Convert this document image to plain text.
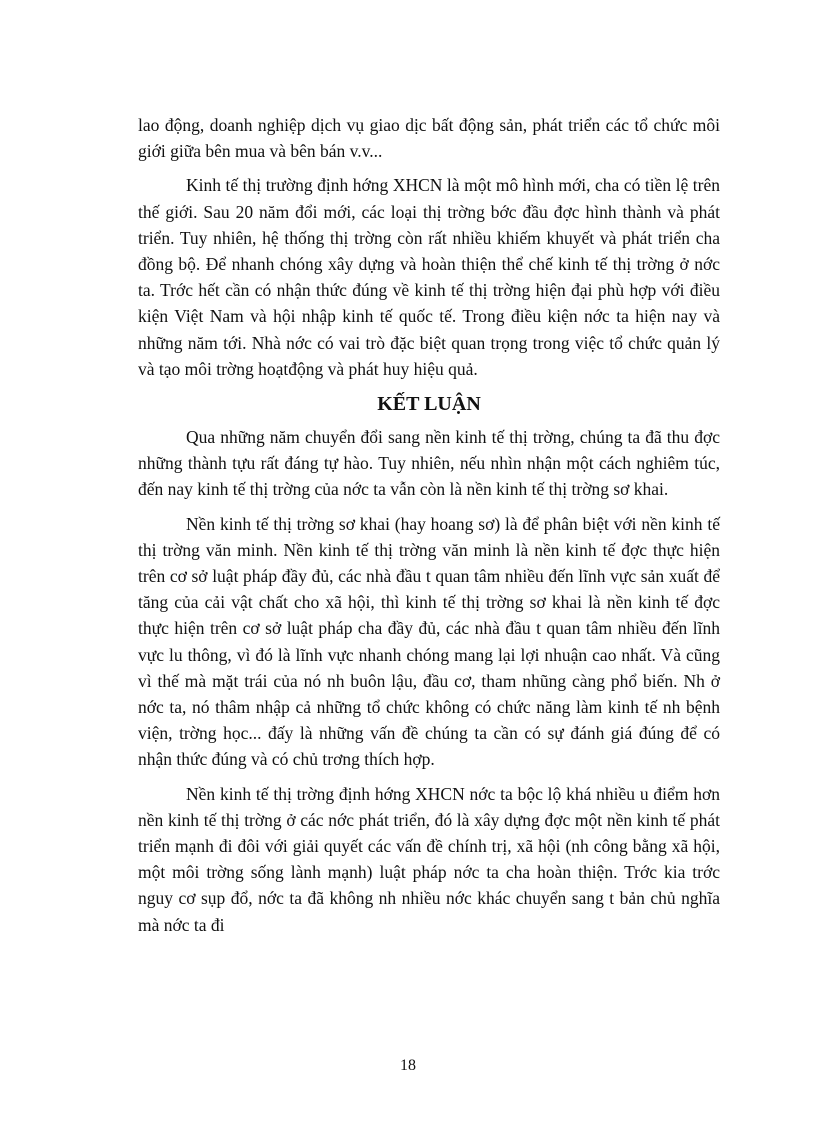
lao động, doanh nghiệp dịch vụ giao dịc bất động sản, phát triển các tổ chức môi giới giữa bên mua và bên bán v.v...

Kinh tế thị trường định hớng XHCN là một mô hình mới, cha có tiền lệ trên thế giới. Sau 20 năm đổi mới, các loại thị trờng bớc đầu đợc hình thành và phát triển. Tuy nhiên, hệ thống thị trờng còn rất nhiều khiếm khuyết và phát triển cha đồng bộ. Để nhanh chóng xây dựng và hoàn thiện thể chế kinh tế thị trờng ở nớc ta. Trớc hết cần có nhận thức đúng về kinh tế thị trờng hiện đại phù hợp với điều kiện Việt Nam và hội nhập kinh tế quốc tế. Trong điều kiện nớc ta hiện nay và những năm tới. Nhà nớc có vai trò đặc biệt quan trọng trong việc tổ chức quản lý và tạo môi trờng hoạtđộng và phát huy hiệu quả.

KẾT LUẬN

Qua những năm chuyển đổi sang nền kinh tế thị trờng, chúng ta đã thu đợc những thành tựu rất đáng tự hào. Tuy nhiên, nếu nhìn nhận một cách nghiêm túc, đến nay kinh tế thị trờng của nớc ta vẫn còn là nền kinh tế thị trờng sơ khai.

Nền kinh tế thị trờng sơ khai (hay hoang sơ) là để phân biệt với nền kinh tế thị trờng văn minh. Nền kinh tế thị trờng văn minh là nền kinh tế đợc thực hiện trên cơ sở luật pháp đầy đủ, các nhà đầu t quan tâm nhiều đến lĩnh vực sản xuất để tăng của cải vật chất cho xã hội, thì kinh tế thị trờng sơ khai là nền kinh tế đợc thực hiện trên cơ sở luật pháp cha đầy đủ, các nhà đầu t quan tâm nhiều đến lĩnh vực lu thông, vì đó là lĩnh vực nhanh chóng mang lại lợi nhuận cao nhất. Và cũng vì thế mà mặt trái của nó nh buôn lậu, đầu cơ, tham nhũng càng phổ biến. Nh ở nớc ta, nó thâm nhập cả những tổ chức không có chức năng làm kinh tế nh bệnh viện, trờng học... đấy là những vấn đề chúng ta cần có sự đánh giá đúng để có nhận thức đúng và có chủ trơng thích hợp.

Nền kinh tế thị trờng định hớng XHCN nớc ta bộc lộ khá nhiều u điểm hơn nền kinh tế thị trờng ở các nớc phát triển, đó là xây dựng đợc một nền kinh tế phát triển mạnh đi đôi với giải quyết các vấn đề chính trị, xã hội (nh công bằng xã hội, một môi trờng sống lành mạnh) luật pháp nớc ta cha hoàn thiện. Trớc kia trớc nguy cơ sụp đổ, nớc ta đã không nh nhiều nớc khác chuyển sang t bản chủ nghĩa mà nớc ta đi

18
